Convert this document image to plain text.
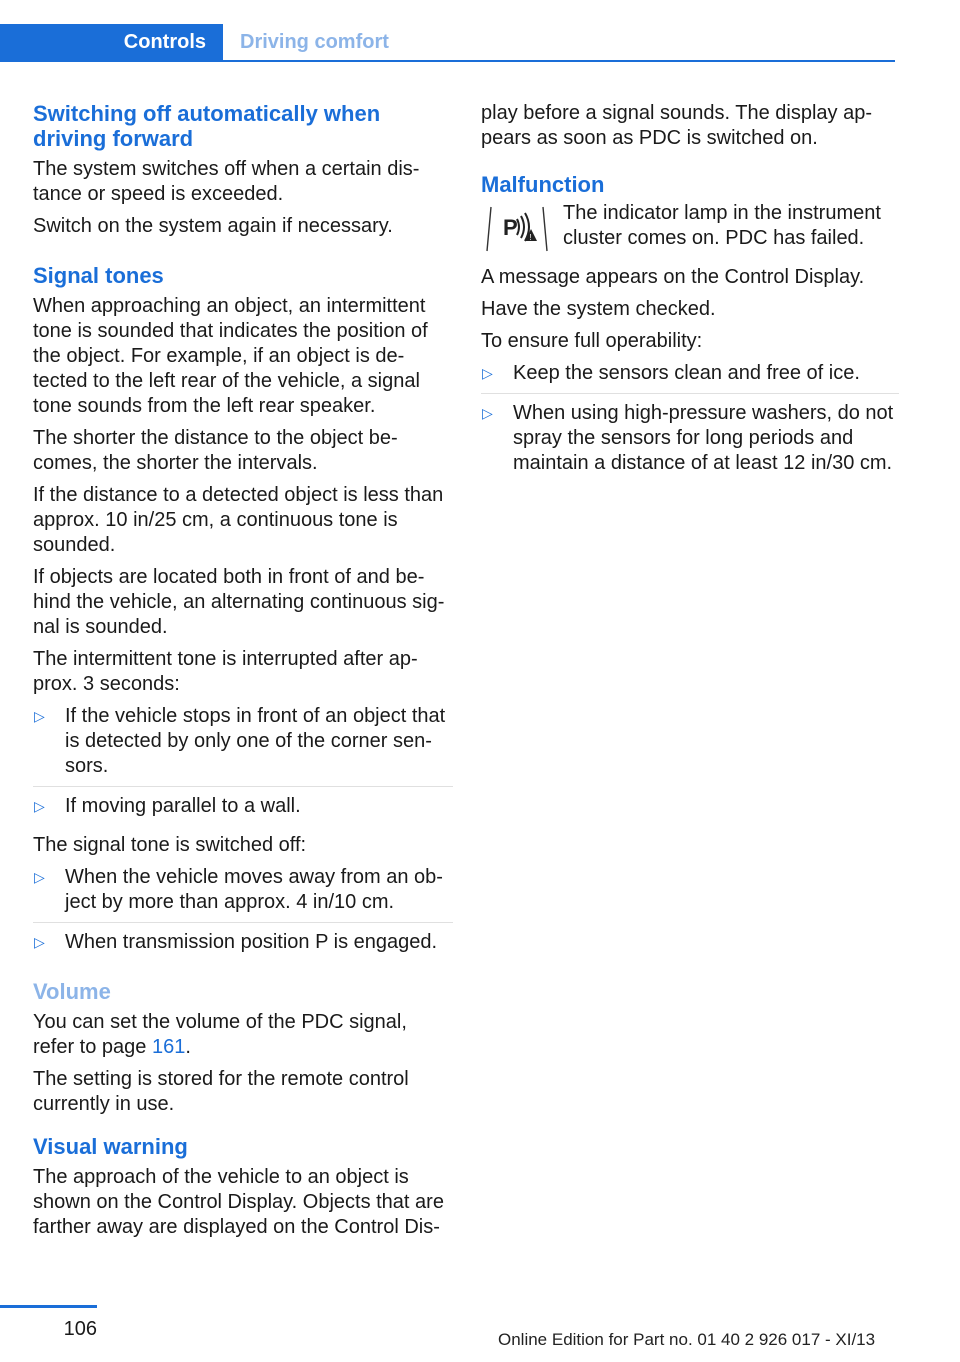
Controls	Driving comfort
Switching off automatically when driving forward

The system switches off when a certain dis-tance or speed is exceeded.

Switch on the system again if necessary.

Signal tones

When approaching an object, an intermittent tone is sounded that indicates the position of the object. For example, if an object is de-tected to the left rear of the vehicle, a signal tone sounds from the left rear speaker.

The shorter the distance to the object be-comes, the shorter the intervals.

If the distance to a detected object is less than approx. 10 in/25 cm, a continuous tone is sounded.

If objects are located both in front of and be-hind the vehicle, an alternating continuous sig-nal is sounded.

The intermittent tone is interrupted after ap-prox. 3 seconds:

▷ If the vehicle stops in front of an object that is detected by only one of the corner sen-sors.
▷ If moving parallel to a wall.

The signal tone is switched off:

▷ When the vehicle moves away from an ob-ject by more than approx. 4 in/10 cm.
▷ When transmission position P is engaged.
Volume

You can set the volume of the PDC signal, refer to page 161.

The setting is stored for the remote control currently in use.

Visual warning

The approach of the vehicle to an object is shown on the Control Display. Objects that are farther away are displayed on the Control Dis-

play before a signal sounds. The display ap-pears as soon as PDC is switched on.

Malfunction
P !
The indicator lamp in the instrument cluster comes on. PDC has failed.

A message appears on the Control Display.

Have the system checked.

To ensure full operability:

▷ Keep the sensors clean and free of ice.
▷ When using high-pressure washers, do not spray the sensors for long periods and maintain a distance of at least 12 in/30 cm.
106	Online Edition for Part no. 01 40 2 926 017 - XI/13
